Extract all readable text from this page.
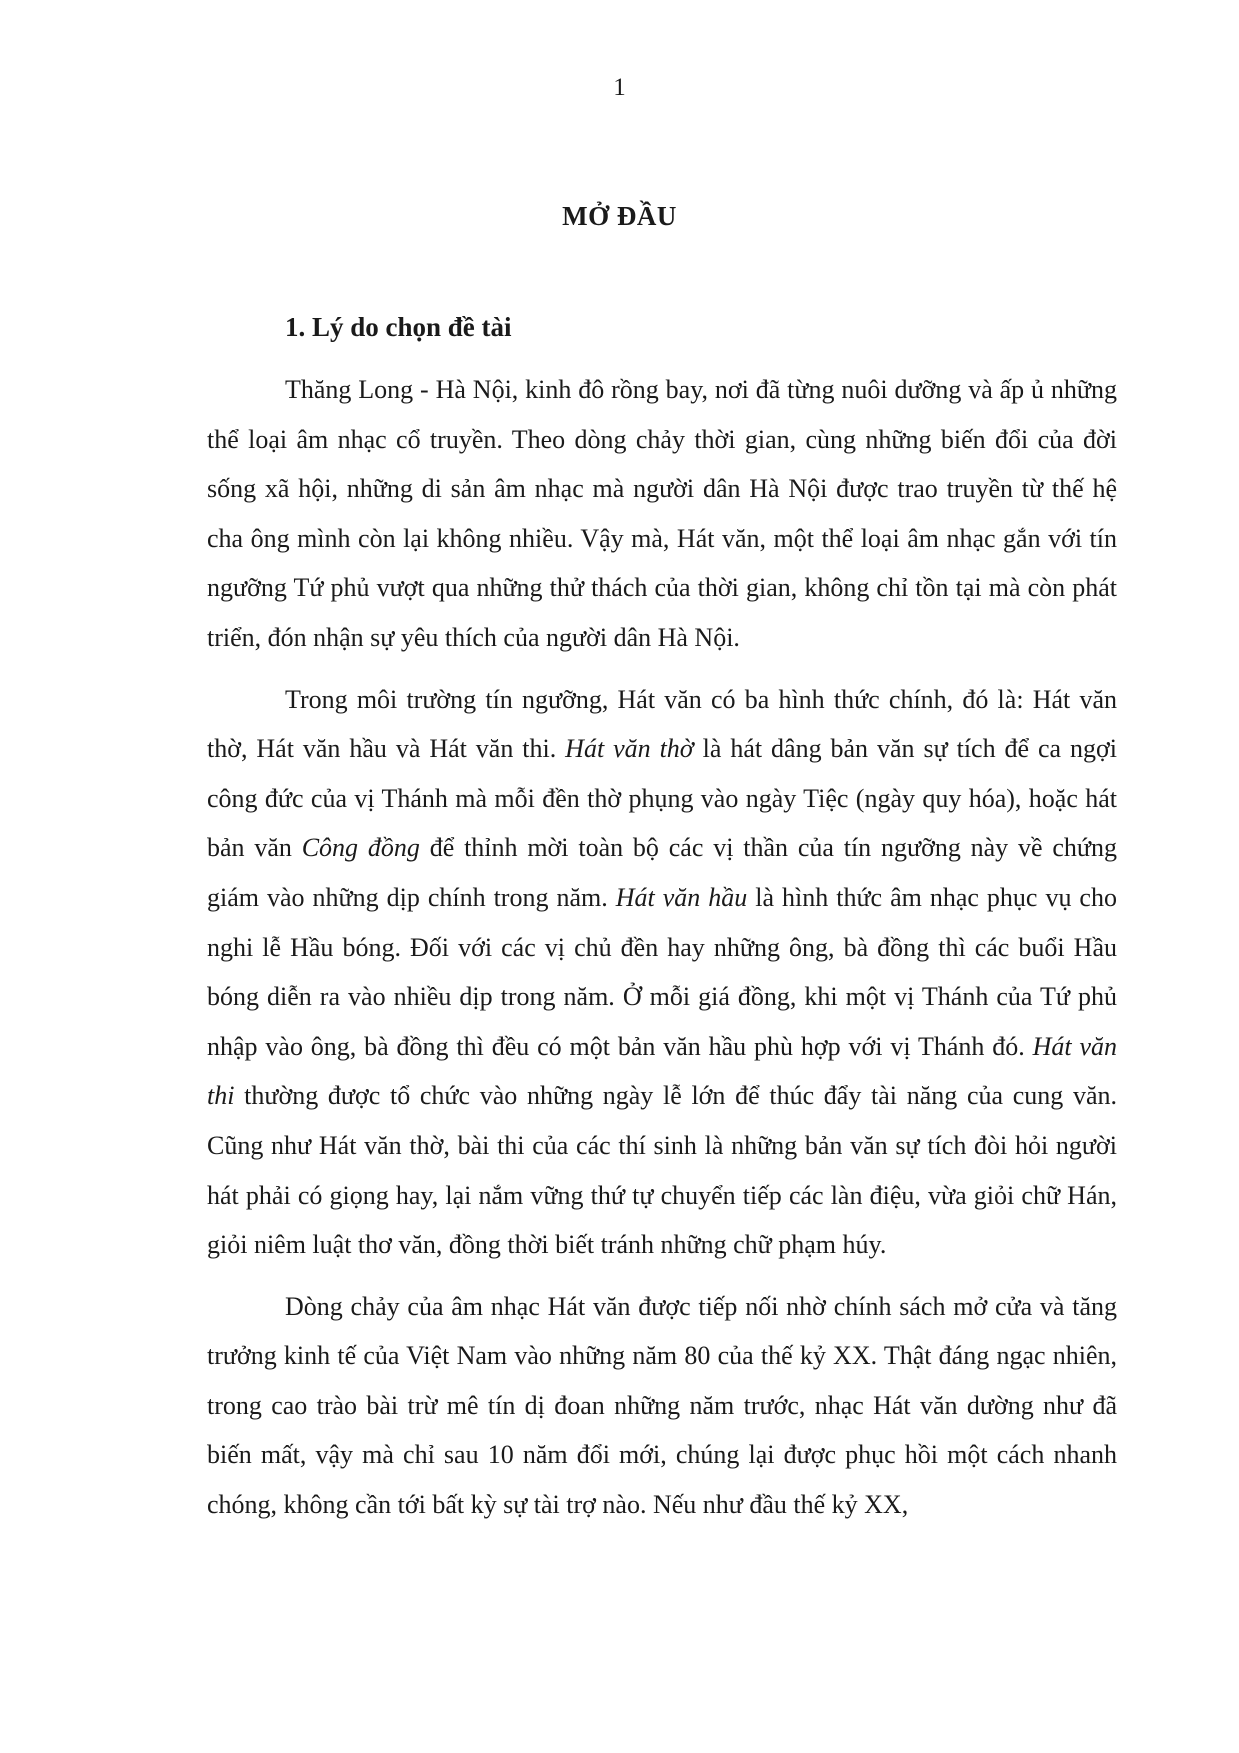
1
MỞ ĐẦU
1. Lý do chọn đề tài

Thăng Long - Hà Nội, kinh đô rồng bay, nơi đã từng nuôi dưỡng và ấp ủ những thể loại âm nhạc cổ truyền. Theo dòng chảy thời gian, cùng những biến đổi của đời sống xã hội, những di sản âm nhạc mà người dân Hà Nội được trao truyền từ thế hệ cha ông mình còn lại không nhiều. Vậy mà, Hát văn, một thể loại âm nhạc gắn với tín ngưỡng Tứ phủ vượt qua những thử thách của thời gian, không chỉ tồn tại mà còn phát triển, đón nhận sự yêu thích của người dân Hà Nội.

Trong môi trường tín ngưỡng, Hát văn có ba hình thức chính, đó là: Hát văn thờ, Hát văn hầu và Hát văn thi. Hát văn thờ là hát dâng bản văn sự tích để ca ngợi công đức của vị Thánh mà mỗi đền thờ phụng vào ngày Tiệc (ngày quy hóa), hoặc hát bản văn Công đồng để thỉnh mời toàn bộ các vị thần của tín ngưỡng này về chứng giám vào những dịp chính trong năm. Hát văn hầu là hình thức âm nhạc phục vụ cho nghi lễ Hầu bóng. Đối với các vị chủ đền hay những ông, bà đồng thì các buổi Hầu bóng diễn ra vào nhiều dịp trong năm. Ở mỗi giá đồng, khi một vị Thánh của Tứ phủ nhập vào ông, bà đồng thì đều có một bản văn hầu phù hợp với vị Thánh đó. Hát văn thi thường được tổ chức vào những ngày lễ lớn để thúc đẩy tài năng của cung văn. Cũng như Hát văn thờ, bài thi của các thí sinh là những bản văn sự tích đòi hỏi người hát phải có giọng hay, lại nắm vững thứ tự chuyển tiếp các làn điệu, vừa giỏi chữ Hán, giỏi niêm luật thơ văn, đồng thời biết tránh những chữ phạm húy.

Dòng chảy của âm nhạc Hát văn được tiếp nối nhờ chính sách mở cửa và tăng trưởng kinh tế của Việt Nam vào những năm 80 của thế kỷ XX. Thật đáng ngạc nhiên, trong cao trào bài trừ mê tín dị đoan những năm trước, nhạc Hát văn dường như đã biến mất, vậy mà chỉ sau 10 năm đổi mới, chúng lại được phục hồi một cách nhanh chóng, không cần tới bất kỳ sự tài trợ nào. Nếu như đầu thế kỷ XX,
